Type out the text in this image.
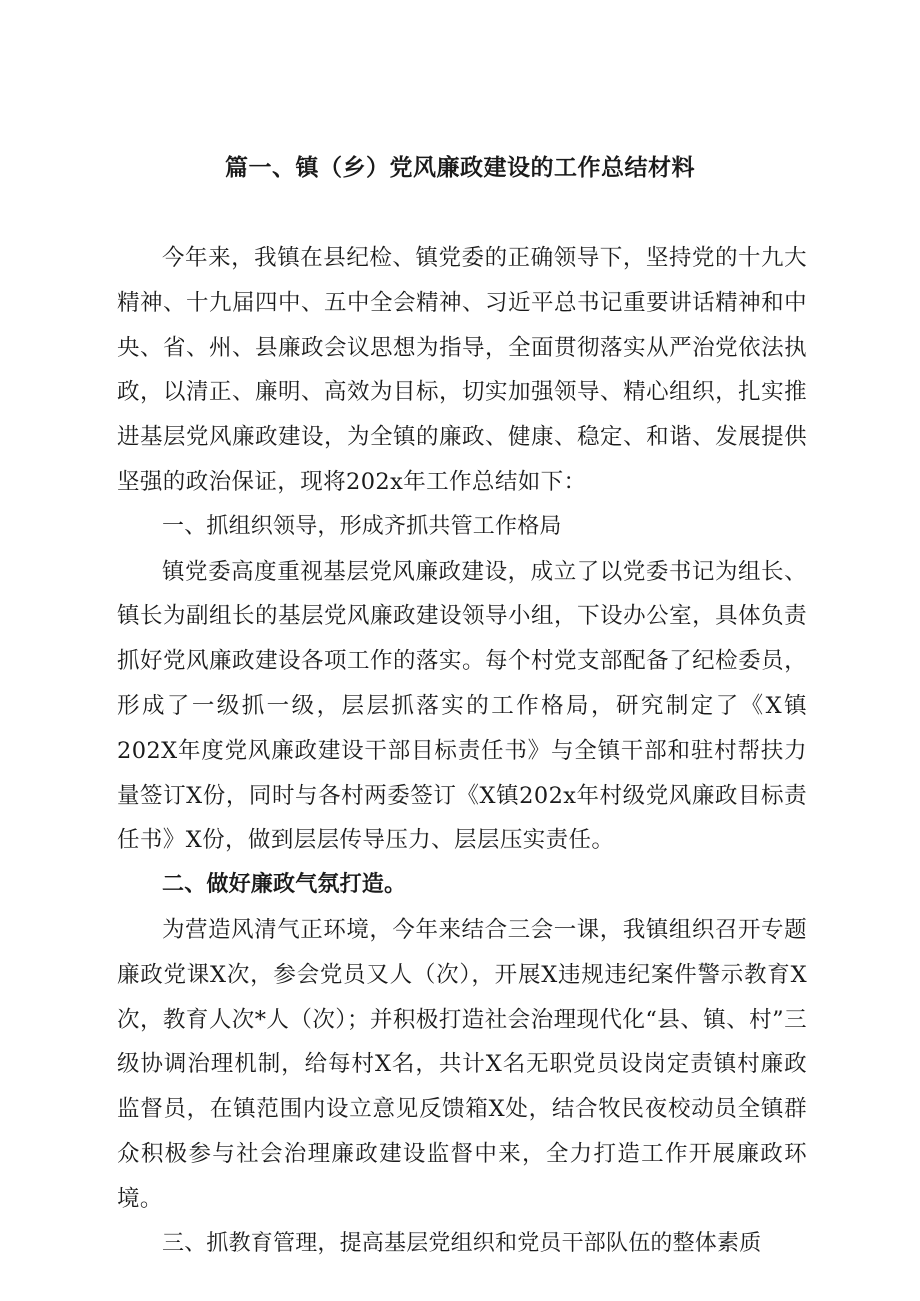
篇一、镇（乡）党风廉政建设的工作总结材料

今年来，我镇在县纪检、镇党委的正确领导下，坚持党的十九大精神、十九届四中、五中全会精神、习近平总书记重要讲话精神和中央、省、州、县廉政会议思想为指导，全面贯彻落实从严治党依法执政，以清正、廉明、高效为目标，切实加强领导、精心组织，扎实推进基层党风廉政建设，为全镇的廉政、健康、稳定、和谐、发展提供坚强的政治保证，现将202x年工作总结如下：

一、抓组织领导，形成齐抓共管工作格局

镇党委高度重视基层党风廉政建设，成立了以党委书记为组长、镇长为副组长的基层党风廉政建设领导小组，下设办公室，具体负责抓好党风廉政建设各项工作的落实。每个村党支部配备了纪检委员，形成了一级抓一级，层层抓落实的工作格局，研究制定了《X镇202X年度党风廉政建设干部目标责任书》与全镇干部和驻村帮扶力量签订X份，同时与各村两委签订《X镇202x年村级党风廉政目标责任书》X份，做到层层传导压力、层层压实责任。

二、做好廉政气氛打造。

为营造风清气正环境，今年来结合三会一课，我镇组织召开专题廉政党课X次，参会党员又人（次），开展X违规违纪案件警示教育X次，教育人次*人（次）；并积极打造社会治理现代化“县、镇、村”三级协调治理机制，给每村X名，共计X名无职党员设岗定责镇村廉政监督员，在镇范围内设立意见反馈箱X处，结合牧民夜校动员全镇群众积极参与社会治理廉政建设监督中来，全力打造工作开展廉政环境。

三、抓教育管理，提高基层党组织和党员干部队伍的整体素质
